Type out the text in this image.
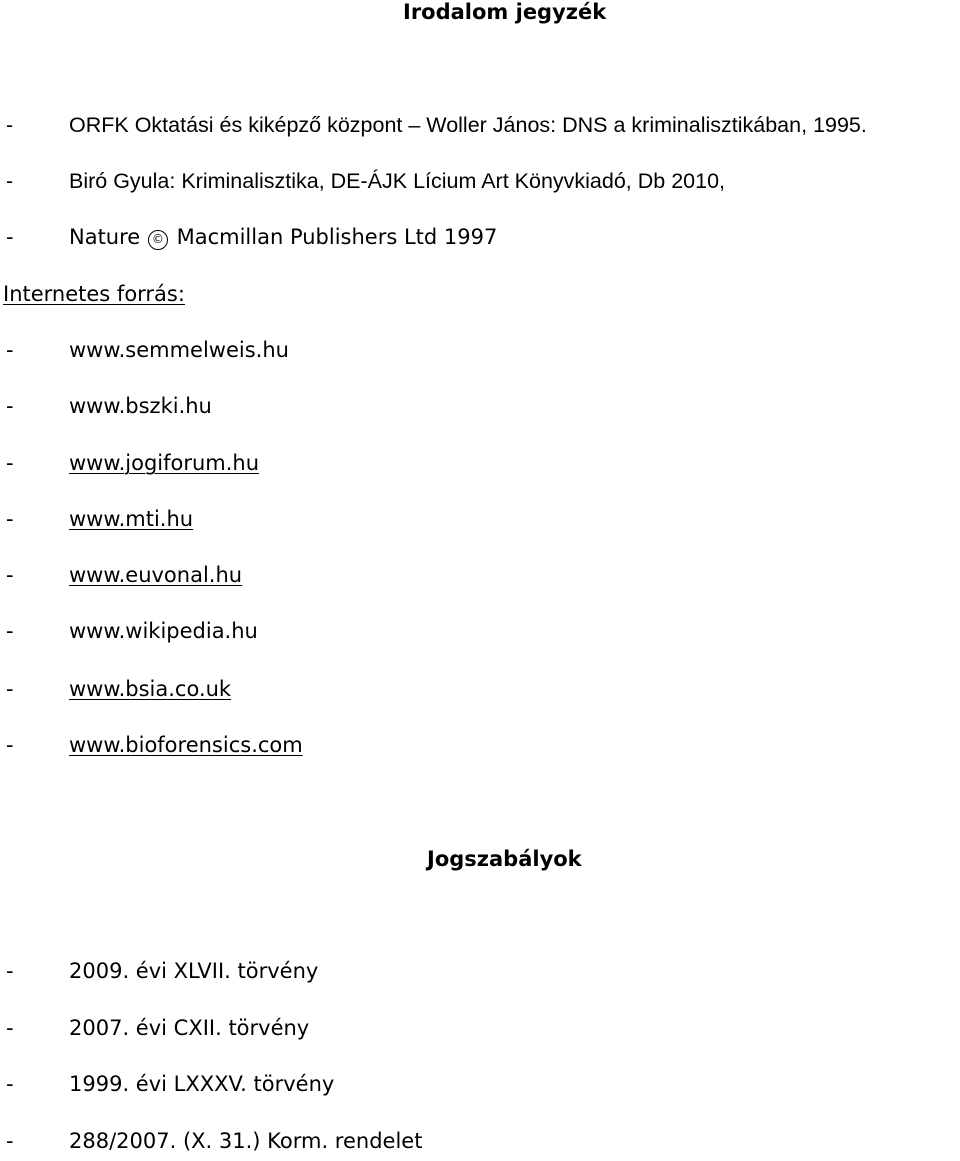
Irodalom jegyzék
-	ORFK Oktatási és kiképző központ – Woller János: DNS a kriminalisztikában, 1995.
-	Biró Gyula: Kriminalisztika, DE-ÁJK Lícium Art Könyvkiadó, Db 2010,
-	Nature © Macmillan Publishers Ltd 1997
Internetes forrás:
-	www.semmelweis.hu
-	www.bszki.hu
-	www.jogiforum.hu
-	www.mti.hu
-	www.euvonal.hu
-	www.wikipedia.hu
-	www.bsia.co.uk
-	www.bioforensics.com
Jogszabályok
-	2009. évi XLVII. törvény
-	2007. évi CXII. törvény
-	1999. évi LXXXV. törvény
-	288/2007. (X. 31.) Korm. rendelet
